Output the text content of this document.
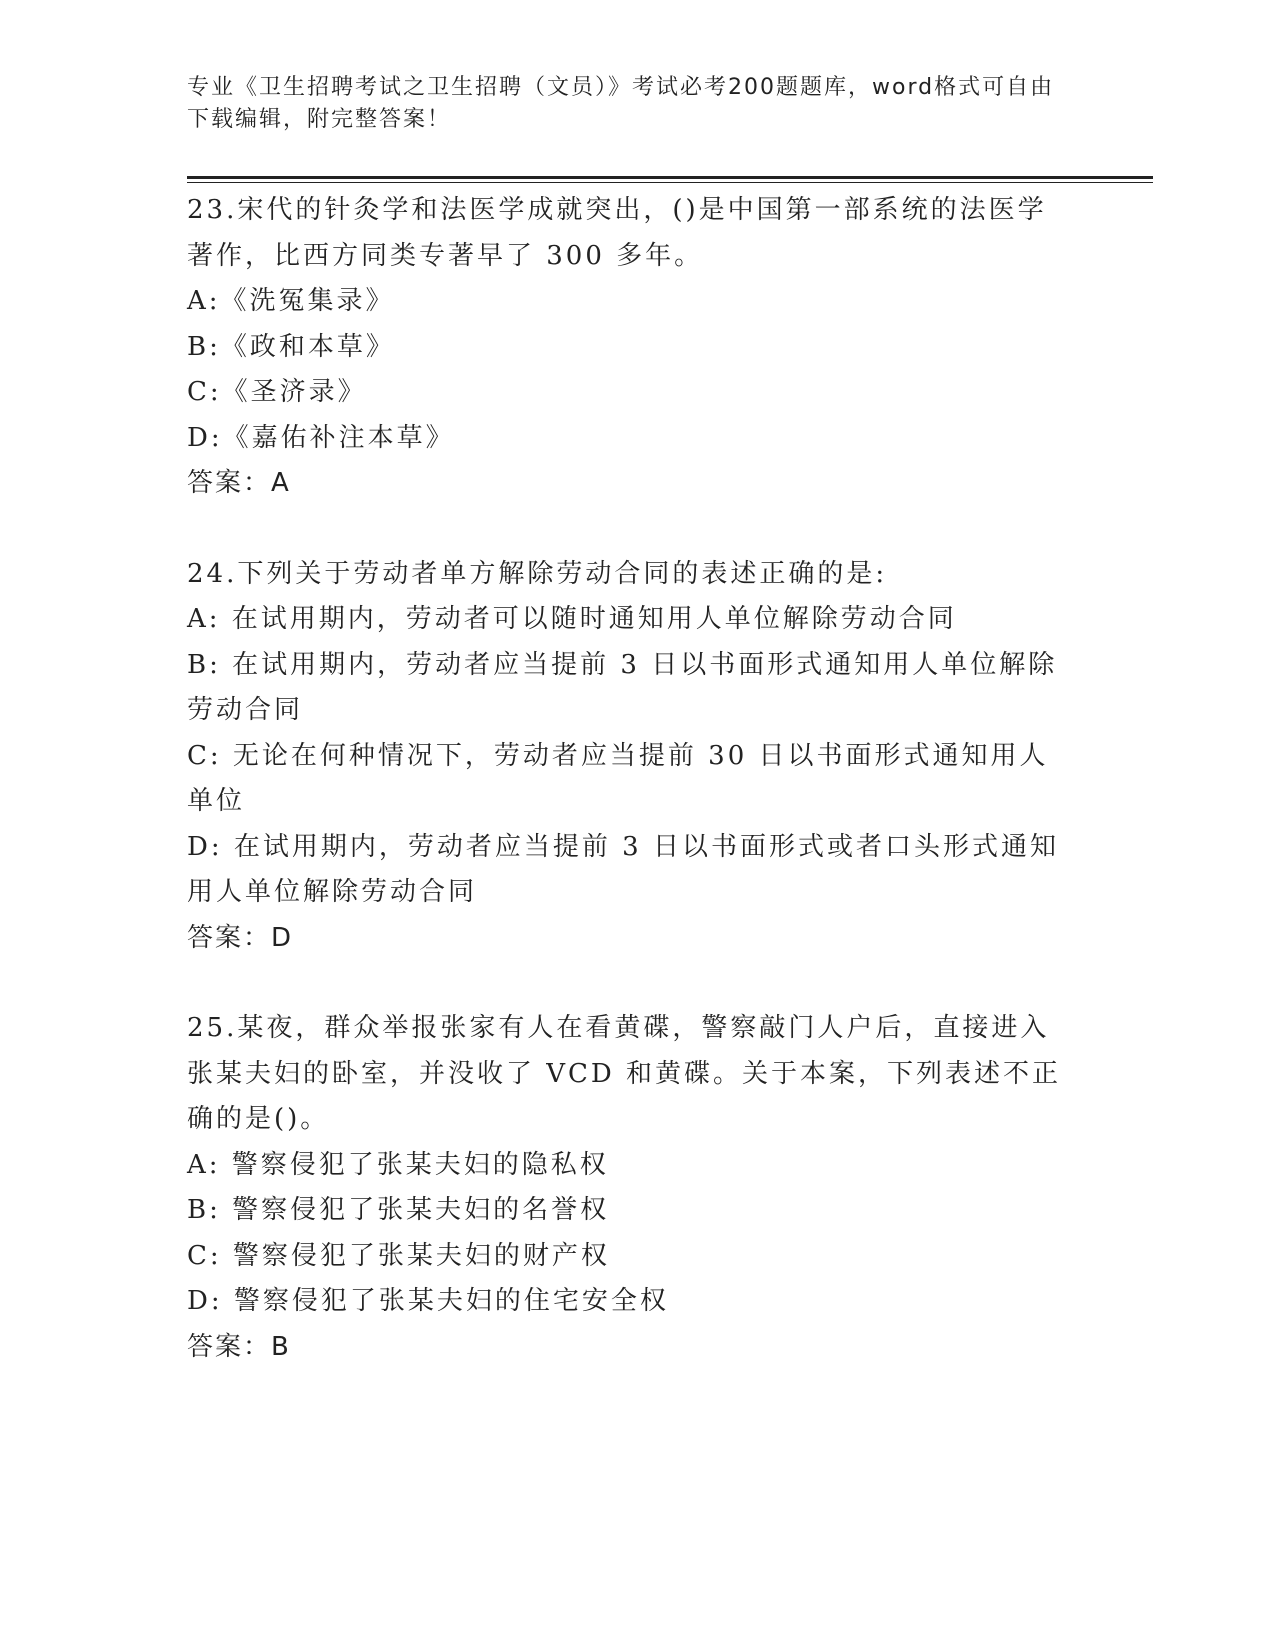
专业《卫生招聘考试之卫生招聘（文员）》考试必考200题题库，word格式可自由下载编辑，附完整答案！
23.宋代的针灸学和法医学成就突出，()是中国第一部系统的法医学著作，比西方同类专著早了 300 多年。
A:《洗冤集录》
B:《政和本草》
C:《圣济录》
D:《嘉佑补注本草》
答案：A
24.下列关于劳动者单方解除劳动合同的表述正确的是:
A: 在试用期内，劳动者可以随时通知用人单位解除劳动合同
B: 在试用期内，劳动者应当提前 3 日以书面形式通知用人单位解除劳动合同
C: 无论在何种情况下，劳动者应当提前 30 日以书面形式通知用人单位
D: 在试用期内，劳动者应当提前 3 日以书面形式或者口头形式通知用人单位解除劳动合同
答案：D
25.某夜，群众举报张家有人在看黄碟，警察敲门人户后，直接进入张某夫妇的卧室，并没收了 VCD 和黄碟。关于本案，下列表述不正确的是()。
A: 警察侵犯了张某夫妇的隐私权
B: 警察侵犯了张某夫妇的名誉权
C: 警察侵犯了张某夫妇的财产权
D: 警察侵犯了张某夫妇的住宅安全权
答案：B
